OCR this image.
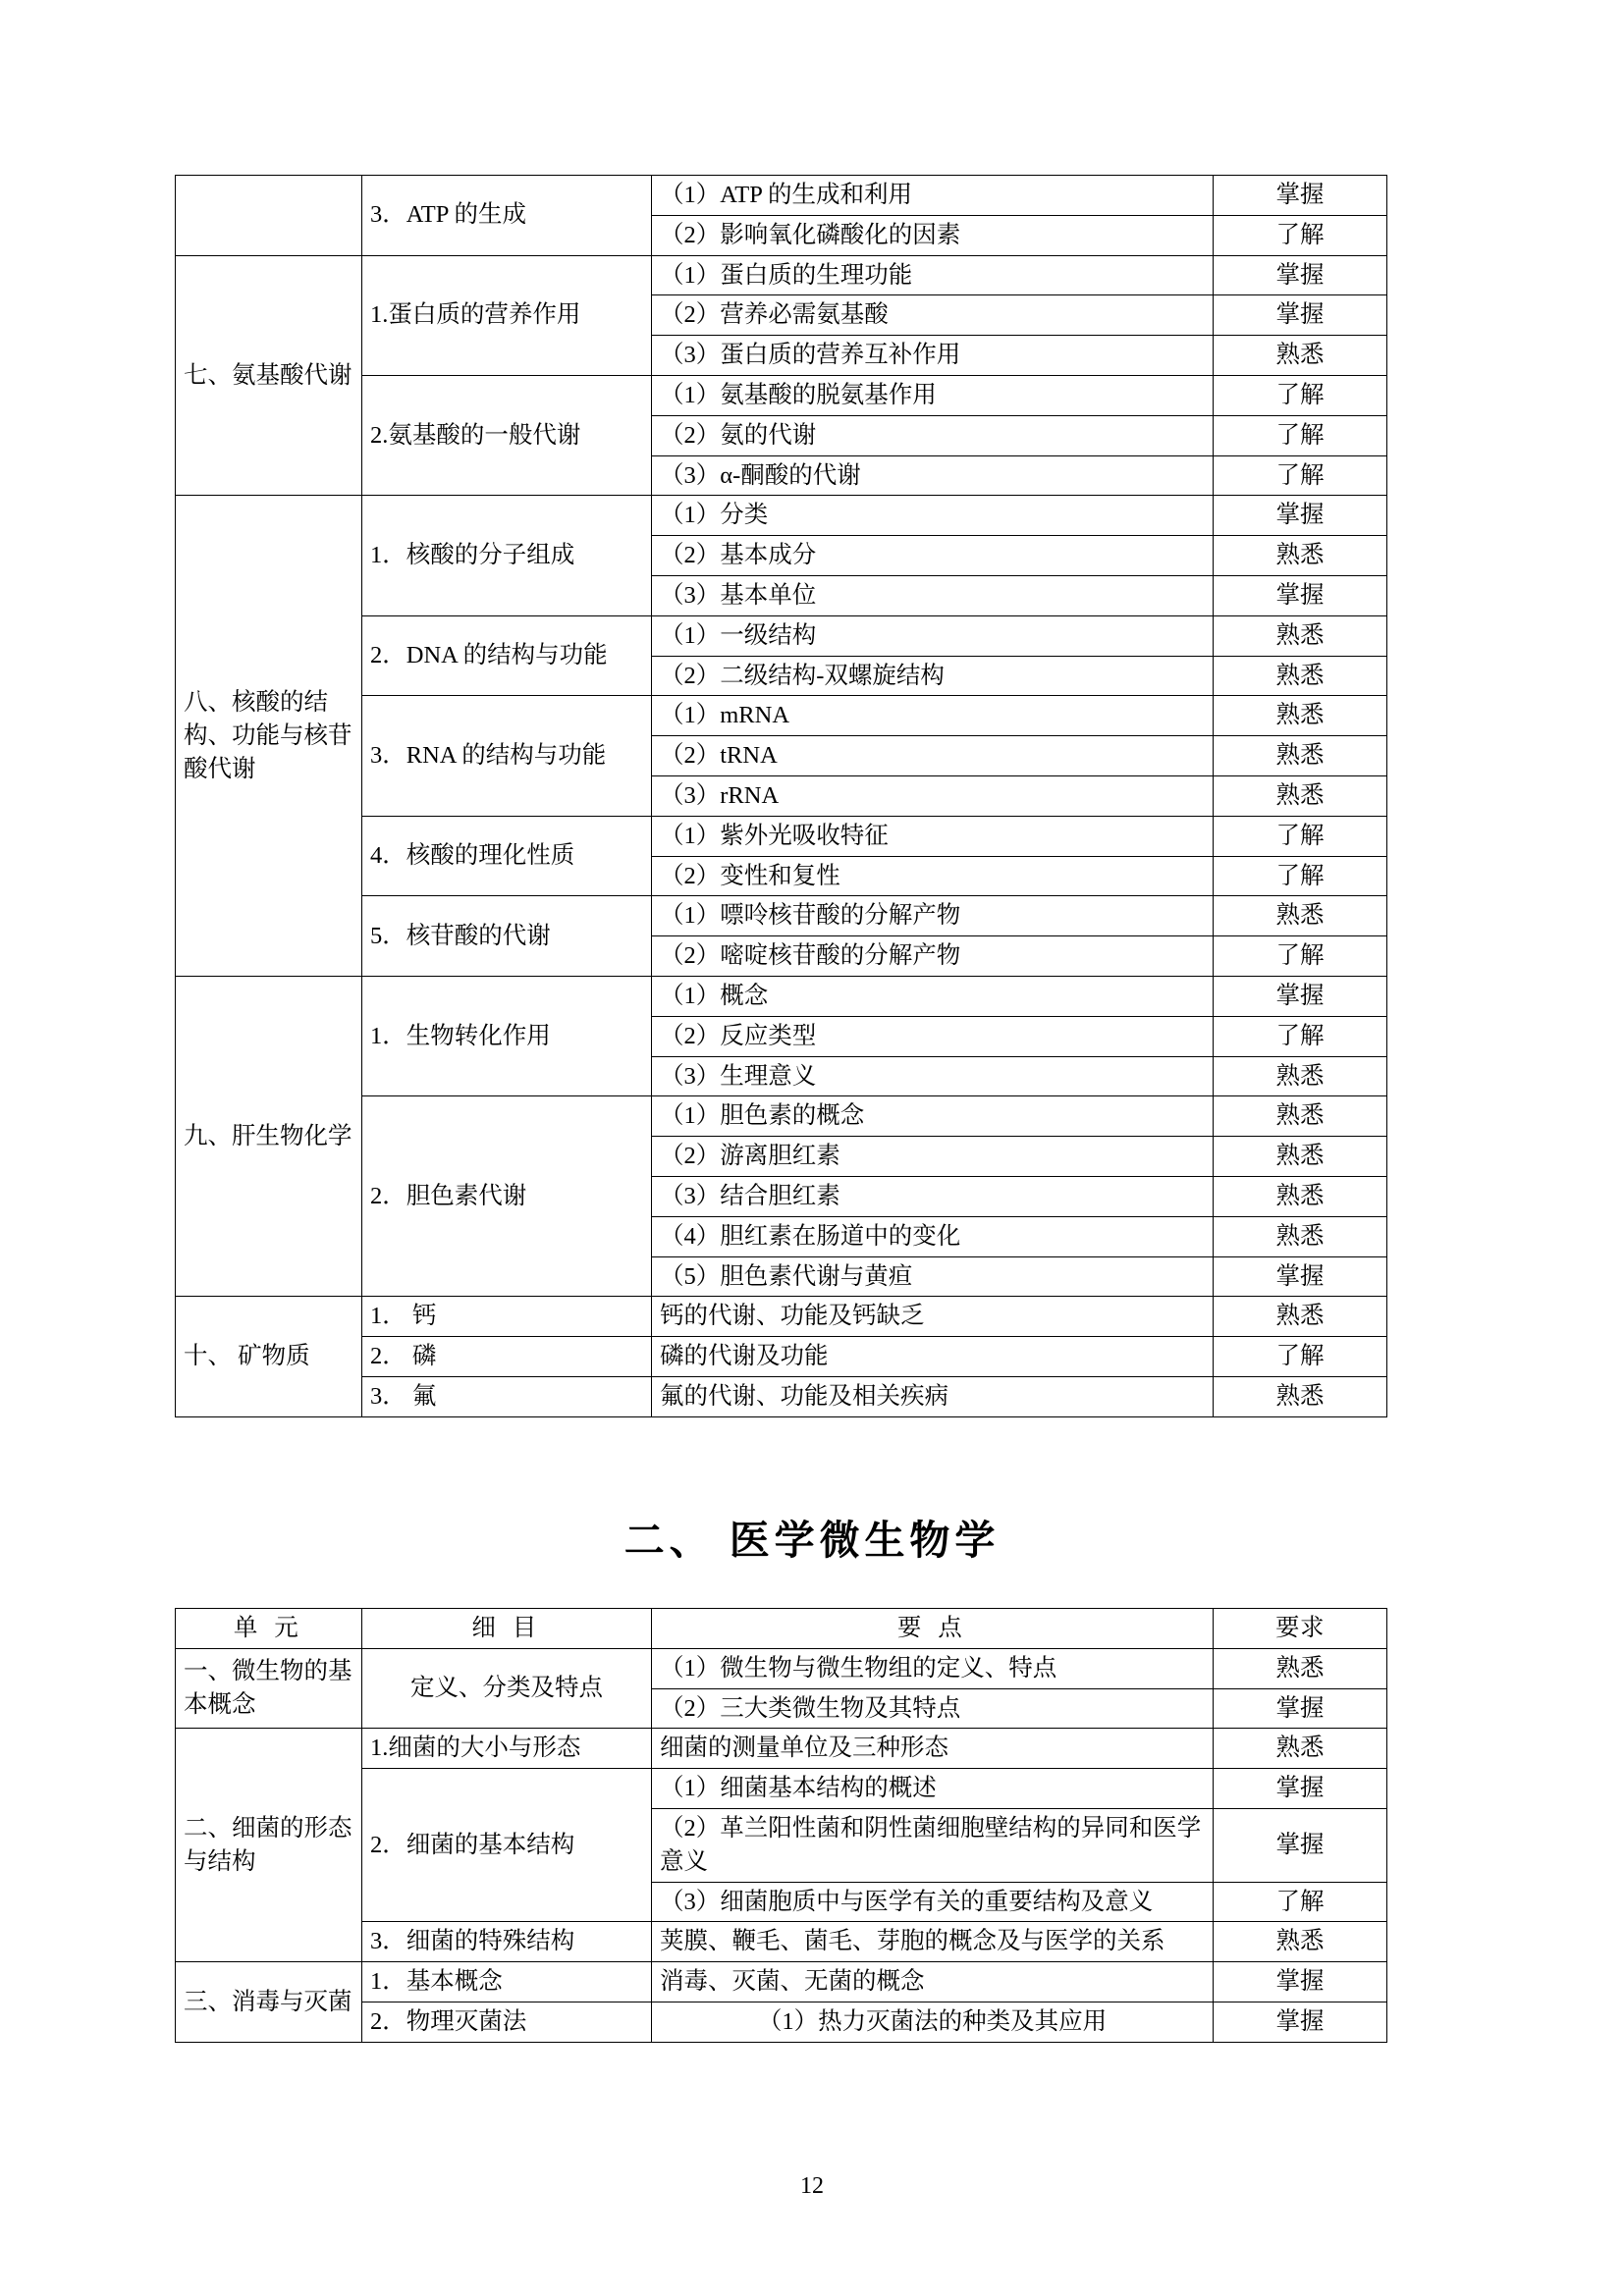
	3．ATP 的生成	（1）ATP 的生成和利用	掌握
		（2）影响氧化磷酸化的因素	了解
七、氨基酸代谢	1.蛋白质的营养作用	（1）蛋白质的生理功能	掌握
		（2）营养必需氨基酸	掌握
		（3）蛋白质的营养互补作用	熟悉
	2.氨基酸的一般代谢	（1）氨基酸的脱氨基作用	了解
		（2）氨的代谢	了解
		（3）α-酮酸的代谢	了解
八、核酸的结构、功能与核苷酸代谢	1．核酸的分子组成	（1）分类	掌握
		（2）基本成分	熟悉
		（3）基本单位	掌握
	2．DNA 的结构与功能	（1）一级结构	熟悉
		（2）二级结构-双螺旋结构	熟悉
	3．RNA 的结构与功能	（1）mRNA	熟悉
		（2）tRNA	熟悉
		（3）rRNA	熟悉
	4．核酸的理化性质	（1）紫外光吸收特征	了解
		（2）变性和复性	了解
	5．核苷酸的代谢	（1）嘌呤核苷酸的分解产物	熟悉
		（2）嘧啶核苷酸的分解产物	了解
九、肝生物化学	1．生物转化作用	（1）概念	掌握
		（2）反应类型	了解
		（3）生理意义	熟悉
	2．胆色素代谢	（1）胆色素的概念	熟悉
		（2）游离胆红素	熟悉
		（3）结合胆红素	熟悉
		（4）胆红素在肠道中的变化	熟悉
		（5）胆色素代谢与黄疸	掌握
十、 矿物质	1． 钙	钙的代谢、功能及钙缺乏	熟悉
	2． 磷	磷的代谢及功能	了解
	3． 氟	氟的代谢、功能及相关疾病	熟悉
二、 医学微生物学
单 元	细 目	要 点	要求
一、微生物的基本概念	定义、分类及特点	（1）微生物与微生物组的定义、特点	熟悉
		（2）三大类微生物及其特点	掌握
二、细菌的形态与结构	1.细菌的大小与形态	细菌的测量单位及三种形态	熟悉
	2．细菌的基本结构	（1）细菌基本结构的概述	掌握
		（2）革兰阳性菌和阴性菌细胞壁结构的异同和医学意义	掌握
		（3）细菌胞质中与医学有关的重要结构及意义	了解
	3．细菌的特殊结构	荚膜、鞭毛、菌毛、芽胞的概念及与医学的关系	熟悉
三、消毒与灭菌	1．基本概念	消毒、灭菌、无菌的概念	掌握
	2．物理灭菌法	（1）热力灭菌法的种类及其应用	掌握
12
